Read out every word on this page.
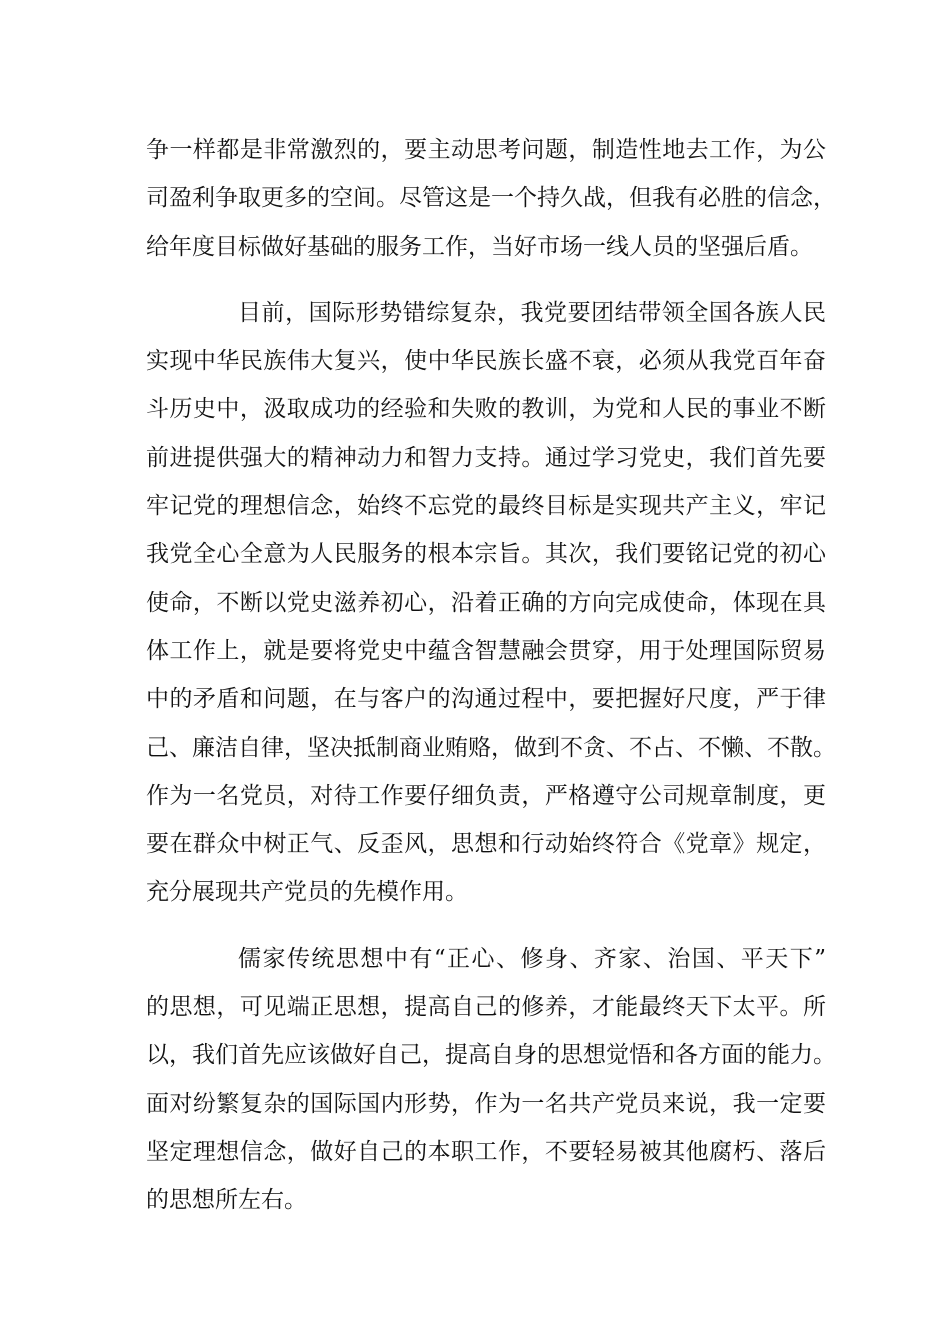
争一样都是非常激烈的，要主动思考问题，制造性地去工作，为公
司盈利争取更多的空间。尽管这是一个持久战，但我有必胜的信念，
给年度目标做好基础的服务工作，当好市场一线人员的坚强后盾。
目前，国际形势错综复杂，我党要团结带领全国各族人民
实现中华民族伟大复兴，使中华民族长盛不衰，必须从我党百年奋
斗历史中，汲取成功的经验和失败的教训，为党和人民的事业不断
前进提供强大的精神动力和智力支持。通过学习党史，我们首先要
牢记党的理想信念，始终不忘党的最终目标是实现共产主义，牢记
我党全心全意为人民服务的根本宗旨。其次，我们要铭记党的初心
使命，不断以党史滋养初心，沿着正确的方向完成使命，体现在具
体工作上，就是要将党史中蕴含智慧融会贯穿，用于处理国际贸易
中的矛盾和问题，在与客户的沟通过程中，要把握好尺度，严于律
己、廉洁自律，坚决抵制商业贿赂，做到不贪、不占、不懒、不散。
作为一名党员，对待工作要仔细负责，严格遵守公司规章制度，更
要在群众中树正气、反歪风，思想和行动始终符合《党章》规定，
充分展现共产党员的先模作用。
儒家传统思想中有“正心、修身、齐家、治国、平天下”
的思想，可见端正思想，提高自己的修养，才能最终天下太平。所
以，我们首先应该做好自己，提高自身的思想觉悟和各方面的能力。
面对纷繁复杂的国际国内形势，作为一名共产党员来说，我一定要
坚定理想信念，做好自己的本职工作，不要轻易被其他腐朽、落后
的思想所左右。
